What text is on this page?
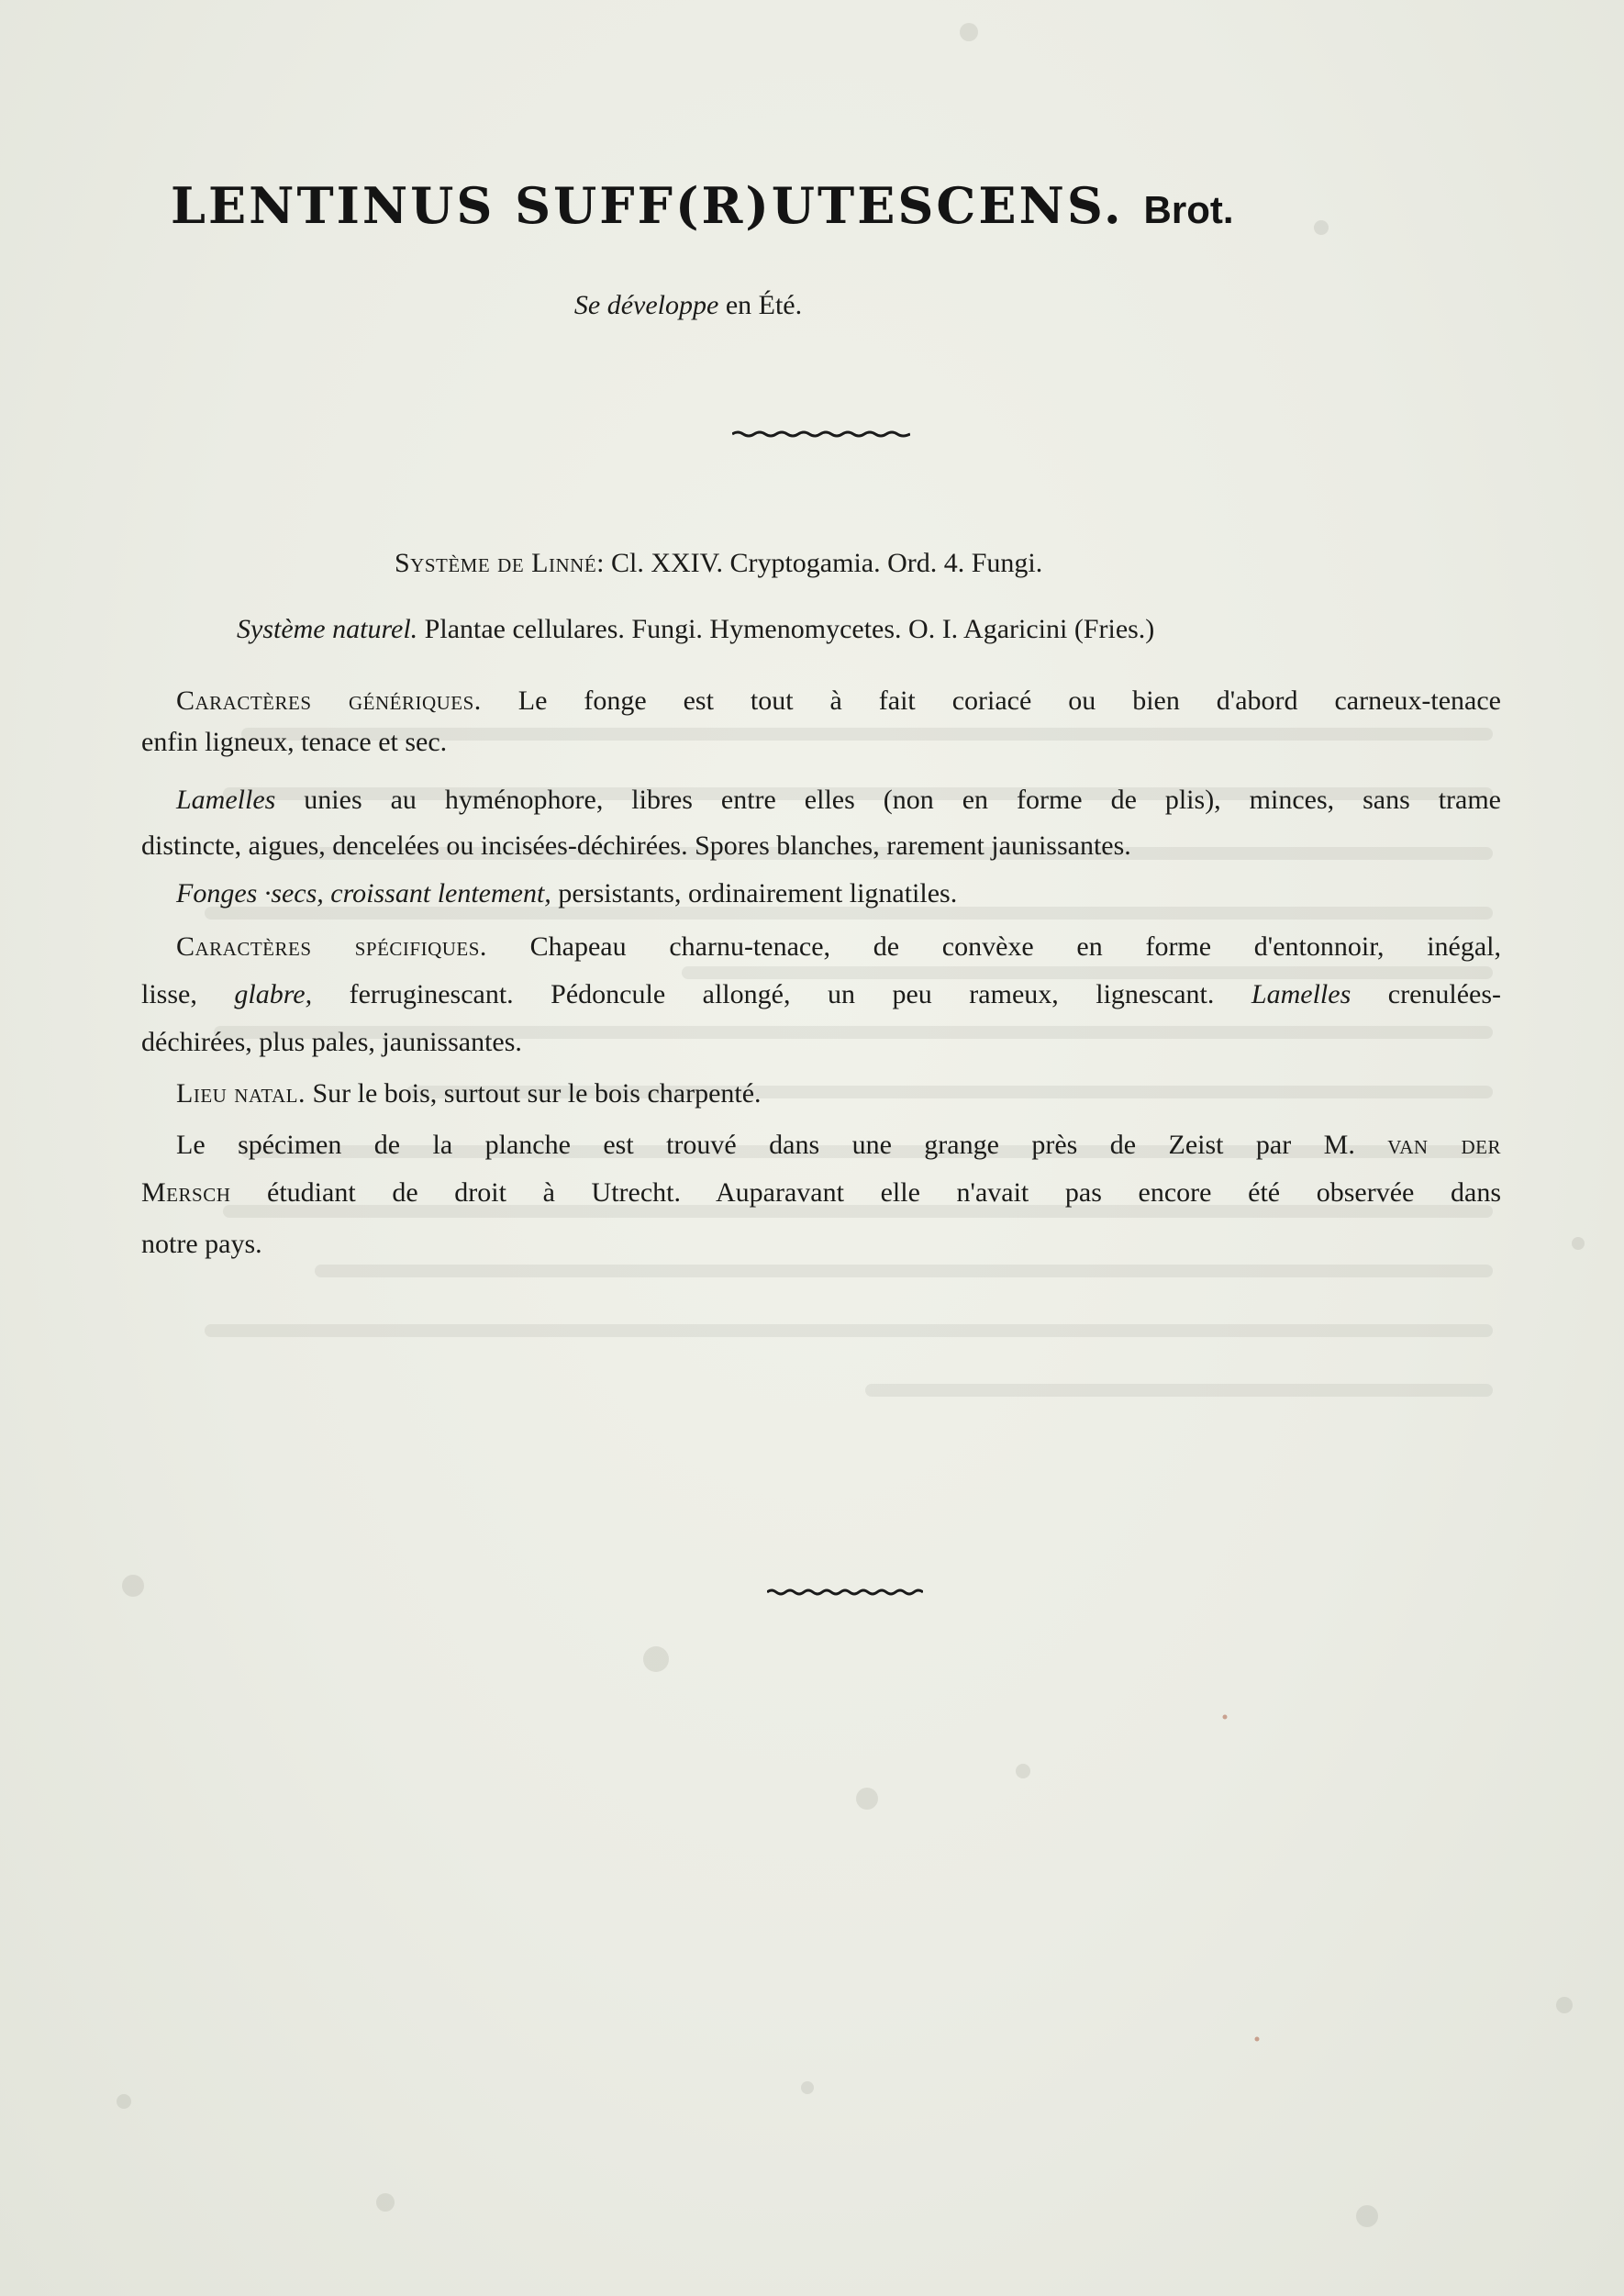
LENTINUS SUFF(R)UTESCENS. Brot.
Se développe en Été.
Système de Linné: Cl. XXIV. Cryptogamia. Ord. 4. Fungi.
Système naturel. Plantae cellulares. Fungi. Hymenomycetes. O. I. Agaricini (Fries.)
Caractères génériques. Le fonge est tout à fait coriacé ou bien d'abord carneux-tenace
enfin ligneux, tenace et sec.
Lamelles unies au hyménophore, libres entre elles (non en forme de plis), minces, sans trame
distincte, aigues, dencelées ou incisées-déchirées. Spores blanches, rarement jaunissantes.
Fonges ·secs, croissant lentement, persistants, ordinairement lignatiles.
Caractères spécifiques. Chapeau charnu-tenace, de convèxe en forme d'entonnoir, inégal,
lisse, glabre, ferruginescant. Pédoncule allongé, un peu rameux, lignescant. Lamelles crenulées-
déchirées, plus pales, jaunissantes.
Lieu natal. Sur le bois, surtout sur le bois charpenté.
Le spécimen de la planche est trouvé dans une grange près de Zeist par M. van der
Mersch étudiant de droit à Utrecht. Auparavant elle n'avait pas encore été observée dans
notre pays.
